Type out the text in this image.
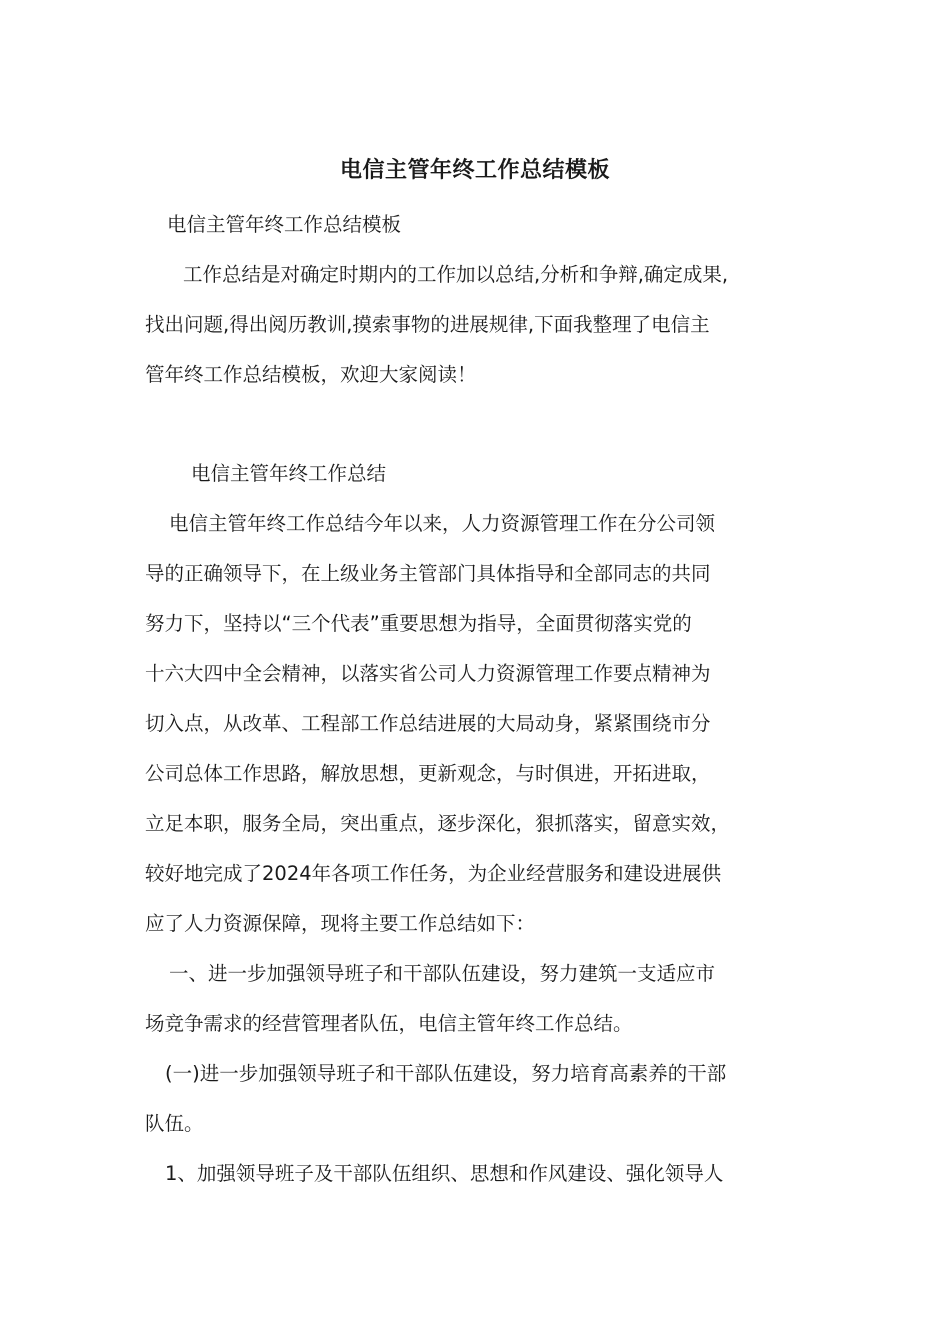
电信主管年终工作总结模板
电信主管年终工作总结模板
工作总结是对确定时期内的工作加以总结,分析和争辩,确定成果,
找出问题,得出阅历教训,摸索事物的进展规律,下面我整理了电信主
管年终工作总结模板，欢迎大家阅读！
电信主管年终工作总结
电信主管年终工作总结今年以来，人力资源管理工作在分公司领
导的正确领导下，在上级业务主管部门具体指导和全部同志的共同
努力下，坚持以“三个代表”重要思想为指导，全面贯彻落实党的
十六大四中全会精神，以落实省公司人力资源管理工作要点精神为
切入点，从改革、工程部工作总结进展的大局动身，紧紧围绕市分
公司总体工作思路，解放思想，更新观念，与时俱进，开拓进取，
立足本职，服务全局，突出重点，逐步深化，狠抓落实，留意实效，
较好地完成了2024年各项工作任务，为企业经营服务和建设进展供
应了人力资源保障，现将主要工作总结如下：
一、进一步加强领导班子和干部队伍建设，努力建筑一支适应市
场竞争需求的经营管理者队伍，电信主管年终工作总结。
(一)进一步加强领导班子和干部队伍建设，努力培育高素养的干部
队伍。
1、加强领导班子及干部队伍组织、思想和作风建设、强化领导人
